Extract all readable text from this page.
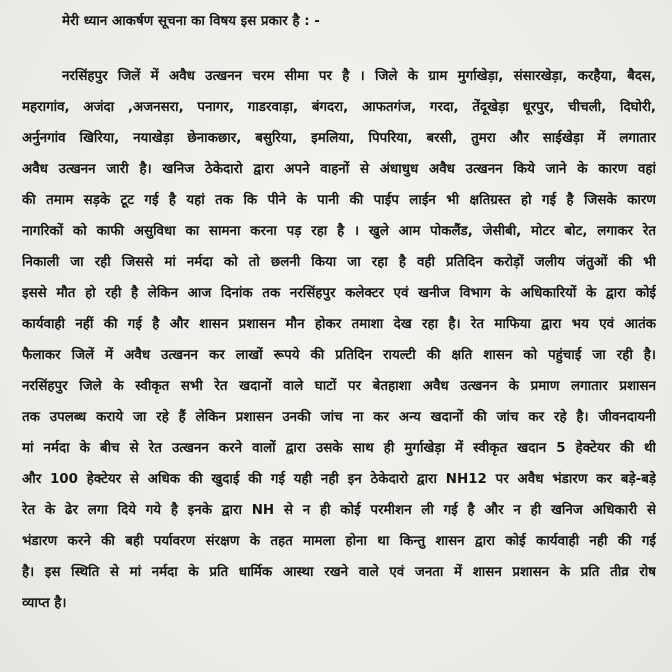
मेरी ध्यान आकर्षण सूचना का विषय इस प्रकार है : -
नरसिंहपुर जिलें में अवैध उत्खनन चरम सीमा पर है । जिले के ग्राम मुर्गाखेड़ा, संसारखेड़ा, करहैया, बैदस,
महरागांव, अजंदा ,अजनसरा, पनागर, गाडरवाड़ा, बंगदरा, आफतगंज, गरदा, तेंदूखेड़ा धूरपुर, चीचली, दिघोरी,
अर्नुनगांव खिरिया, नयाखेड़ा छेनाकछार, बसुरिया, इमलिया, पिपरिया, बरसी, तुमरा और साईखेड़ा में लगातार
अवैध उत्खनन जारी है। खनिज ठेकेदारो द्वारा अपने वाहनों से अंधाधुध अवैध उत्खनन किये जाने के कारण वहां
की तमाम सड़के टूट गई है यहां तक कि पीने के पानी की पाईप लाईन भी क्षतिग्रस्त हो गई है जिसके कारण
नागरिकों को काफी असुविधा का सामना करना पड़ रहा है । खुले आम पोकलैंड, जेसीबी, मोटर बोट, लगाकर रेत
निकाली जा रही जिससे मां नर्मदा को तो छलनी किया जा रहा है वही प्रतिदिन करोड़ों जलीय जंतुओं की भी
इससे मौत हो रही है लेकिन आज दिनांक तक नरसिंहपुर कलेक्टर एवं खनीज विभाग के अधिकारियों के द्वारा कोई
कार्यवाही नहीं की गई है और शासन प्रशासन मौन होकर तमाशा देख रहा है। रेत माफिया द्वारा भय एवं आतंक
फैलाकर जिलें में अवैध उत्खनन कर लाखों रूपये की प्रतिदिन रायल्टी की क्षति शासन को पहुंचाई जा रही है।
नरसिंहपुर जिले के स्वीकृत सभी रेत खदानों वाले घाटों पर बेतहाशा अवैध उत्खनन के प्रमाण लगातार प्रशासन
तक उपलब्ध कराये जा रहे हैं लेकिन प्रशासन उनकी जांच ना कर अन्य खदानों की जांच कर रहे है। जीवनदायनी
मां नर्मदा के बीच से रेत उत्खनन करने वालों द्वारा उसके साथ ही मुर्गाखेड़ा में स्वीकृत खदान 5 हेक्टेयर की थी
और 100 हेक्टेयर से अधिक की खुदाई की गई यही नही इन ठेकेदारो द्वारा NH12 पर अवैध भंडारण कर बड़े-बड़े
रेत के ढेर लगा दिये गये है इनके द्वारा NH से न ही कोई परमीशन ली गई है और न ही खनिज अधिकारी से
भंडारण करने की बही पर्यावरण संरक्षण के तहत मामला होना था किन्तु शासन द्वारा कोई कार्यवाही नही की गई
है। इस स्थिति से मां नर्मदा के प्रति धार्मिक आस्था रखने वाले एवं जनता में शासन प्रशासन के प्रति तीव्र रोष
व्याप्त है।
